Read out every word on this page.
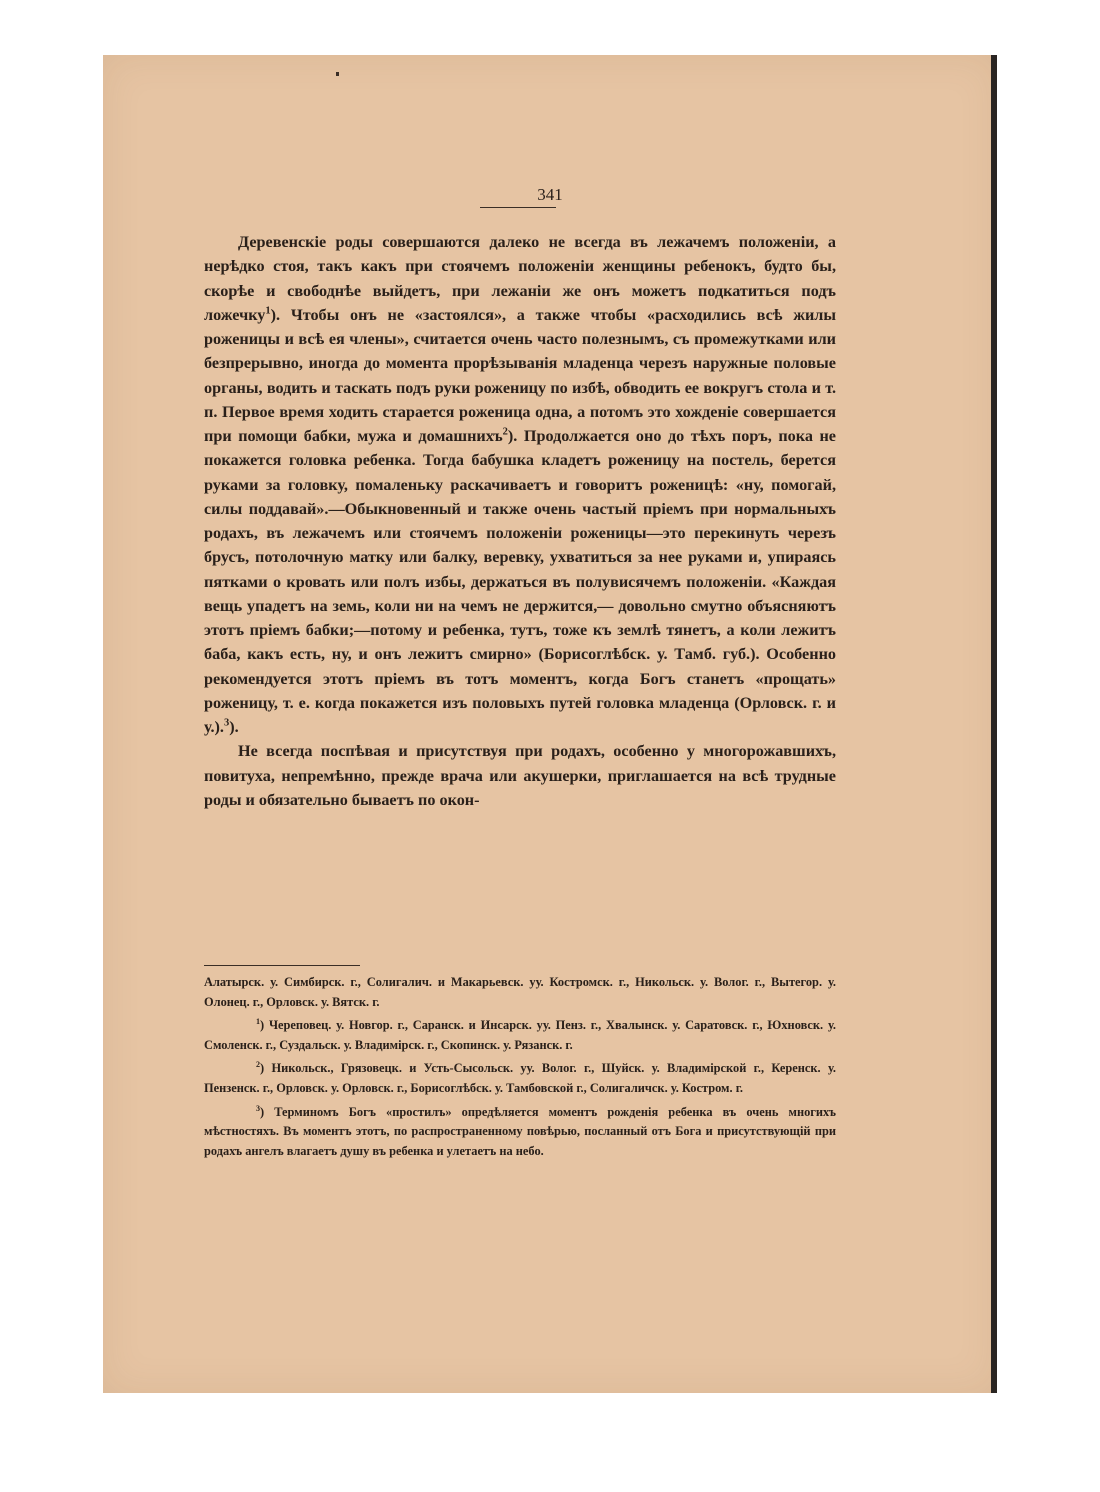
341

Деревенскіе роды совершаются далеко не всегда въ лежачемъ положеніи, а нерѣдко стоя, такъ какъ при стоячемъ положеніи женщины ребенокъ, будто бы, скорѣе и свободнѣе выйдетъ, при лежаніи же онъ можетъ подкатиться подъ ложечку$^1$). Чтобы онъ не «застоялся», а также чтобы «расходились всѣ жилы роженицы и всѣ ея члены», считается очень часто полезнымъ, съ промежутками или безпрерывно, иногда до момента прорѣзыванія младенца черезъ наружные половые органы, водить и таскать подъ руки роженицу по избѣ, обводить ее вокругъ стола и т. п. Первое время ходить старается роженица одна, а потомъ это хожденіе совершается при помощи бабки, мужа и домашнихъ$^2$). Продолжается оно до тѣхъ поръ, пока не покажется головка ребенка. Тогда бабушка кладетъ роженицу на постель, берется руками за головку, помаленьку раскачиваетъ и говоритъ роженицѣ: «ну, помогай, силы поддавай».—Обыкновенный и также очень частый пріемъ при нормальныхъ родахъ, въ лежачемъ или стоячемъ положеніи роженицы—это перекинуть черезъ брусъ, потолочную матку или балку, веревку, ухватиться за нее руками и, упираясь пятками о кровать или полъ избы, держаться въ полувисячемъ положеніи. «Каждая вещь упадетъ на земь, коли ни на чемъ не держится,— довольно смутно объясняютъ этотъ пріемъ бабки;—потому и ребенка, тутъ, тоже къ землѣ тянетъ, а коли лежитъ баба, какъ есть, ну, и онъ лежитъ смирно» (Борисоглѣбск. у. Тамб. губ.). Особенно рекомендуется этотъ пріемъ въ тотъ моментъ, когда Богъ станетъ «прощать» роженицу, т. е. когда покажется изъ половыхъ путей головка младенца (Орловск. г. и у.).$^3$).

Не всегда поспѣвая и присутствуя при родахъ, особенно у многорожавшихъ, повитуха, непремѣнно, прежде врача или акушерки, приглашается на всѣ трудные роды и обязательно бываетъ по окон-

Алатырск. у. Симбирск. г., Солигалич. и Макарьевск. уу. Костромск. г., Никольск. у. Волог. г., Вытегор. у. Олонец. г., Орловск. у. Вятск. г.

$^1$) Череповец. у. Новгор. г., Саранск. и Инсарск. уу. Пенз. г., Хвалынск. у. Саратовск. г., Юхновск. у. Смоленск. г., Суздальск. у. Владимірск. г., Скопинск. у. Рязанск. г.

$^2$) Никольск., Грязовецк. и Усть-Сысольск. уу. Волог. г., Шуйск. у. Владимірской г., Керенск. у. Пензенск. г., Орловск. у. Орловск. г., Борисоглѣбск. у. Тамбовской г., Солигаличск. у. Костром. г.

$^3$) Терминомъ Богъ «простилъ» опредѣляется моментъ рожденія ребенка въ очень многихъ мѣстностяхъ. Въ моментъ этотъ, по распространенному повѣрью, посланный отъ Бога и присутствующій при родахъ ангелъ влагаетъ душу въ ребенка и улетаетъ на небо.
